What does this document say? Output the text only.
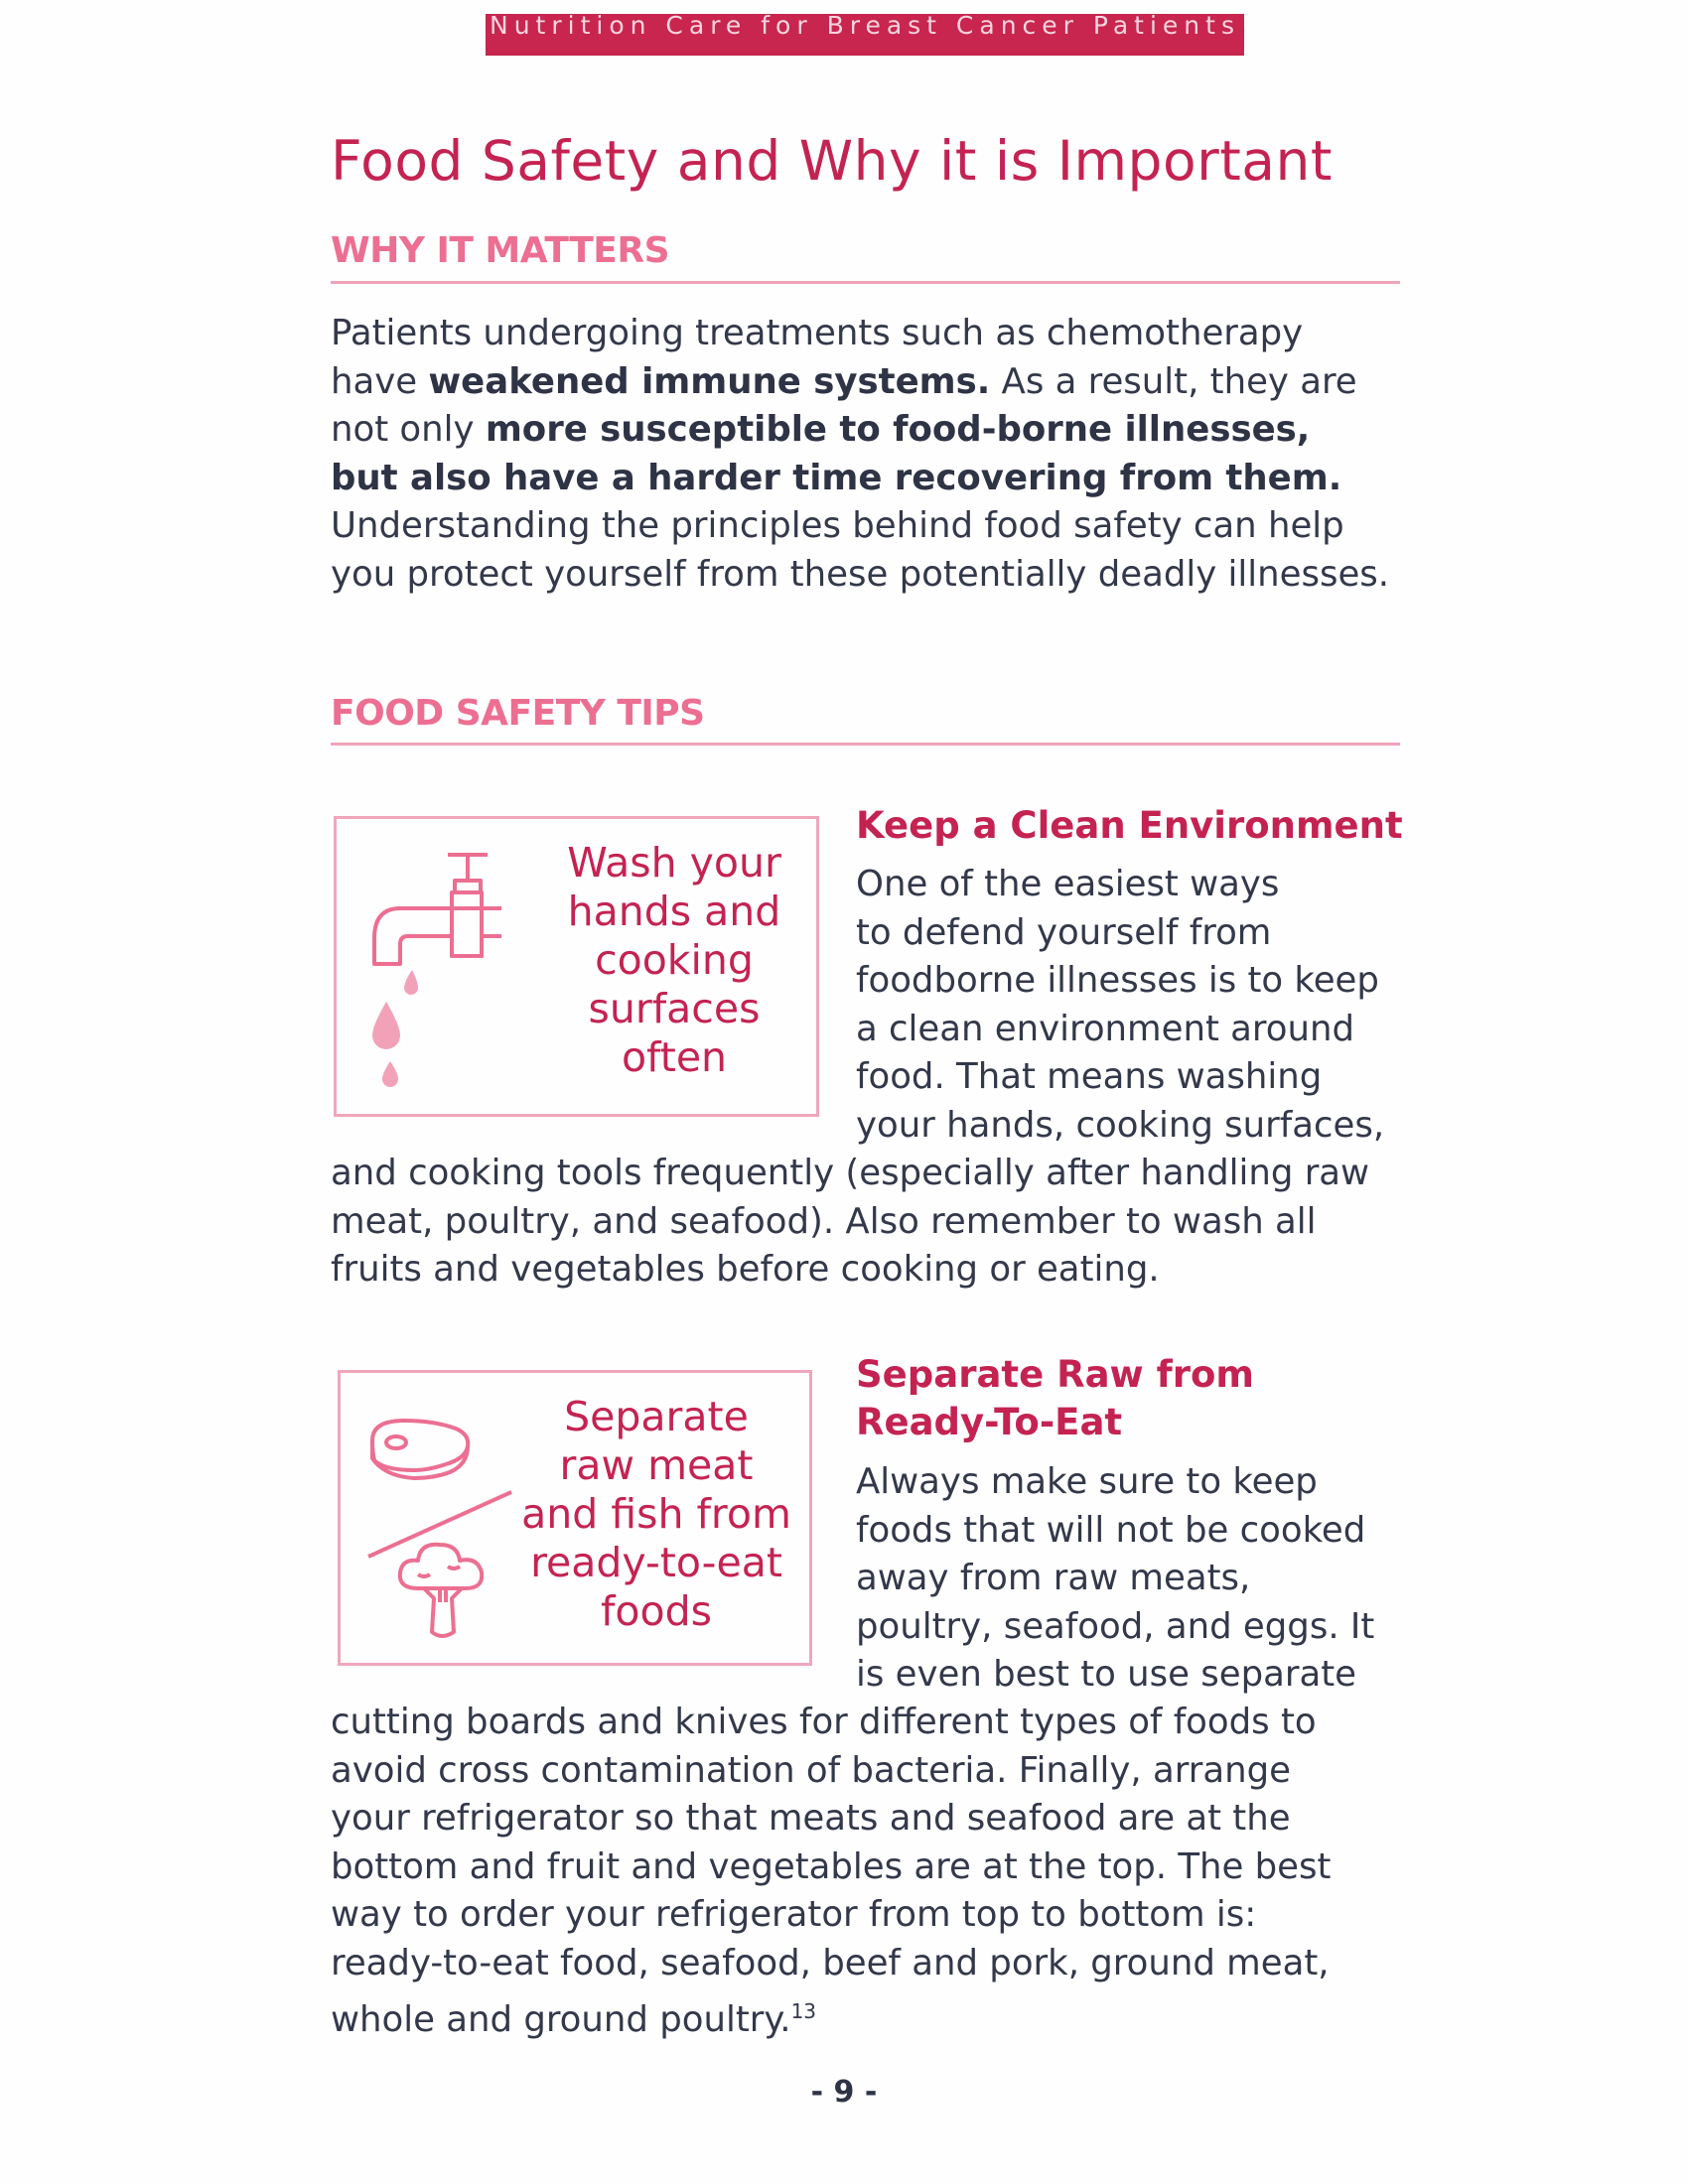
Nutrition Care for Breast Cancer Patients
Food Safety and Why it is Important
WHY IT MATTERS

Patients undergoing treatments such as chemotherapy
have weakened immune systems. As a result, they are
not only more susceptible to food-borne illnesses,
but also have a harder time recovering from them.
Understanding the principles behind food safety can help
you protect yourself from these potentially deadly illnesses.

FOOD SAFETY TIPS
Wash your
hands and
cooking
surfaces
often
Keep a Clean Environment
One of the easiest ways
to defend yourself from
foodborne illnesses is to keep
a clean environment around
food. That means washing
your hands, cooking surfaces,
and cooking tools frequently (especially after handling raw
meat, poultry, and seafood). Also remember to wash all
fruits and vegetables before cooking or eating.
Separate
raw meat
and fish from
ready-to-eat
foods
Separate Raw from
Ready-To-Eat
Always make sure to keep
foods that will not be cooked
away from raw meats,
poultry, seafood, and eggs. It
is even best to use separate
cutting boards and knives for different types of foods to
avoid cross contamination of bacteria. Finally, arrange
your refrigerator so that meats and seafood are at the
bottom and fruit and vegetables are at the top. The best
way to order your refrigerator from top to bottom is:
ready-to-eat food, seafood, beef and pork, ground meat,
whole and ground poultry.$^{13}$
- 9 -
